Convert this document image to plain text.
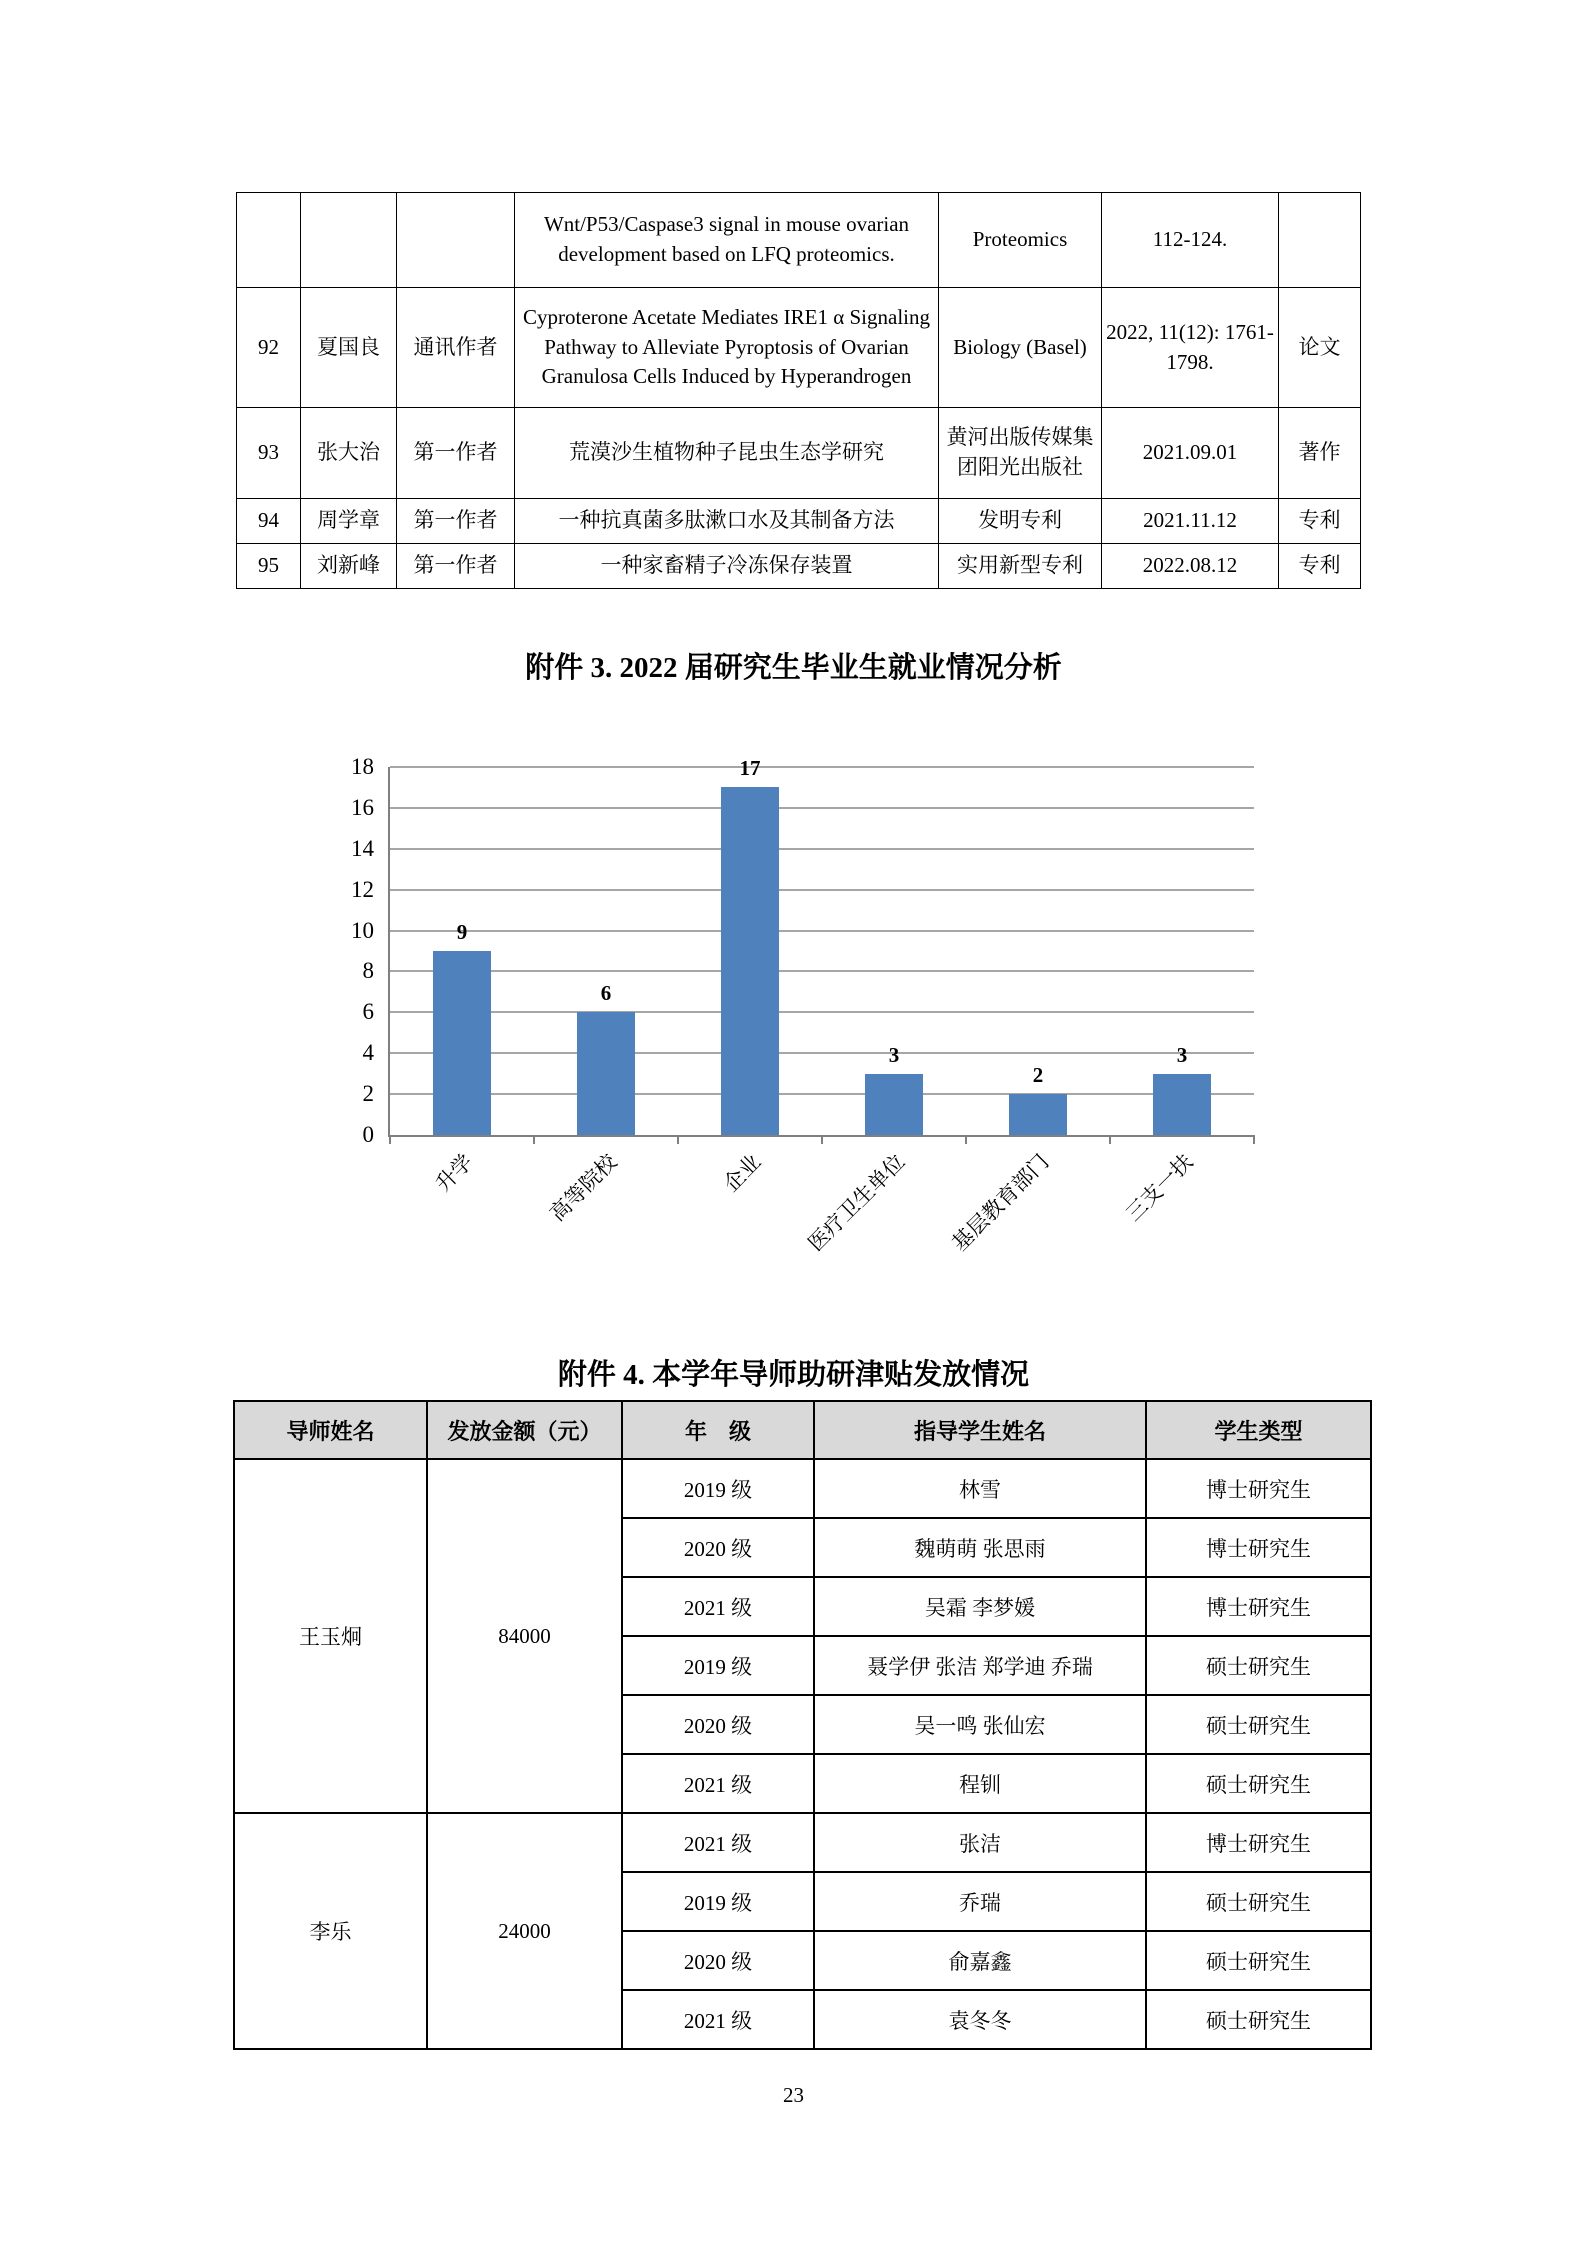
			Wnt/P53/Caspase3 signal in mouse ovarian development based on LFQ proteomics.	Proteomics	112-124.	
92	夏国良	通讯作者	Cyproterone Acetate Mediates IRE1 α Signaling Pathway to Alleviate Pyroptosis of Ovarian Granulosa Cells Induced by Hyperandrogen	Biology (Basel)	2022, 11(12): 1761-1798.	论文
93	张大治	第一作者	荒漠沙生植物种子昆虫生态学研究	黄河出版传媒集团阳光出版社	2021.09.01	著作
94	周学章	第一作者	一种抗真菌多肽漱口水及其制备方法	发明专利	2021.11.12	专利
95	刘新峰	第一作者	一种家畜精子冷冻保存装置	实用新型专利	2022.08.12	专利
附件 3. 2022 届研究生毕业生就业情况分析
0
2
4
6
8
10
12
14
16
18
9
升学
6
高等院校
17
企业
3
医疗卫生单位
2
基层教育部门
3
三支一扶
附件 4. 本学年导师助研津贴发放情况
导师姓名	发放金额（元）	年　级	指导学生姓名	学生类型
王玉炯	84000	2019 级	林雪	博士研究生
		2020 级	魏萌萌 张思雨	博士研究生
		2021 级	吴霜 李梦媛	博士研究生
		2019 级	聂学伊 张洁 郑学迪 乔瑞	硕士研究生
		2020 级	吴一鸣 张仙宏	硕士研究生
		2021 级	程钏	硕士研究生
李乐	24000	2021 级	张洁	博士研究生
		2019 级	乔瑞	硕士研究生
		2020 级	俞嘉鑫	硕士研究生
		2021 级	袁冬冬	硕士研究生
23
